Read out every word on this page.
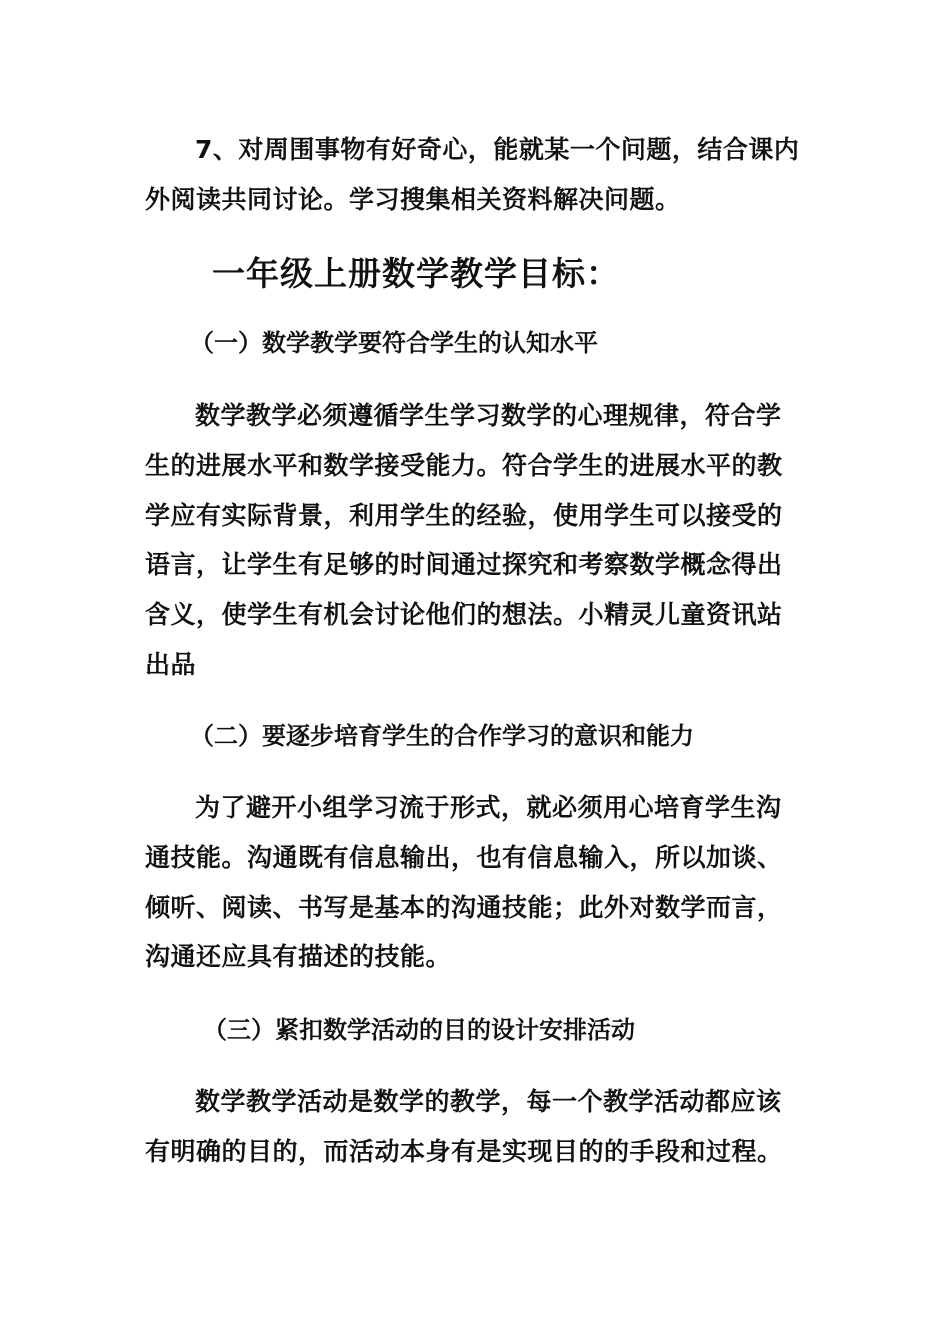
7、对周围事物有好奇心，能就某一个问题，结合课内
外阅读共同讨论。学习搜集相关资料解决问题。
一年级上册数学教学目标：
（一）数学教学要符合学生的认知水平
数学教学必须遵循学生学习数学的心理规律，符合学
生的进展水平和数学接受能力。符合学生的进展水平的教
学应有实际背景，利用学生的经验，使用学生可以接受的
语言，让学生有足够的时间通过探究和考察数学概念得出
含义，使学生有机会讨论他们的想法。小精灵儿童资讯站
出品
（二）要逐步培育学生的合作学习的意识和能力
为了避开小组学习流于形式，就必须用心培育学生沟
通技能。沟通既有信息输出，也有信息输入，所以加谈、
倾听、阅读、书写是基本的沟通技能；此外对数学而言，
沟通还应具有描述的技能。
（三）紧扣数学活动的目的设计安排活动
数学教学活动是数学的教学，每一个教学活动都应该
有明确的目的，而活动本身有是实现目的的手段和过程。
